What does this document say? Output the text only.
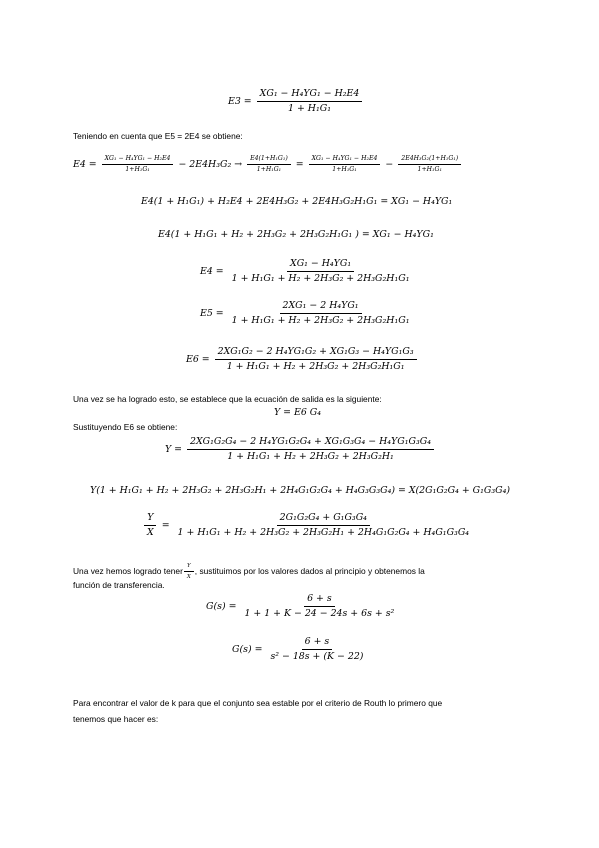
$E3 = \frac{\text{XG₁ − H₄YG₁ − H₂E4}}{\text{1 + H₁G₁}}$
Teniendo en cuenta que E5 = 2E4 se obtiene:
$E4 = \frac{\text{XG₁ − H₄YG₁ − H₂E4}}{\text{1+H₁G₁}} - 2E4H_3G_2 \to \frac{\text{E4(1+H₁G₁)}}{\text{1+H₁G₁}} = \frac{\text{XG₁ − H₄YG₁ − H₂E4}}{\text{1+H₁G₁}} - \frac{\text{2E4H₃G₂(1+H₁G₁)}}{\text{1+H₁G₁}}$
E4(1 + H₁G₁) + H₂E4 + 2E4H₃G₂ + 2E4H₃G₂H₁G₁ = XG₁ − H₄YG₁
E4(1 + H₁G₁ + H₂ + 2H₃G₂ + 2H₃G₂H₁G₁ ) = XG₁ − H₄YG₁
$E4 = \frac{\text{XG₁ − H₄YG₁}}{\text{1 + H₁G₁ + H₂ + 2H₃G₂ + 2H₃G₂H₁G₁}}$
$E5 = \frac{\text{2XG₁ − 2 H₄YG₁}}{\text{1 + H₁G₁ + H₂ + 2H₃G₂ + 2H₃G₂H₁G₁}}$
$E6 = \frac{\text{2XG₁G₂ − 2 H₄YG₁G₂ + XG₁G₃ − H₄YG₁G₃}}{\text{1 + H₁G₁ + H₂ + 2H₃G₂ + 2H₃G₂H₁G₁}}$
Una vez se ha logrado esto, se establece que la ecuación de salida es la siguiente:
Y = E6 G₄
Sustituyendo E6 se obtiene:
$Y = \frac{\text{2XG₁G₂G₄ − 2 H₄YG₁G₂G₄ + XG₁G₃G₄ − H₄YG₁G₃G₄}}{\text{1 + H₁G₁ + H₂ + 2H₃G₂ + 2H₃G₂H₁}}$
Y(1 + H₁G₁ + H₂ + 2H₃G₂ + 2H₃G₂H₁ + 2H₄G₁G₂G₄ + H₄G₃G₃G₄) = X(2G₁G₂G₄ + G₁G₃G₄)
$\frac{Y}{X} = \frac{\text{2G₁G₂G₄ + G₁G₃G₄}}{\text{1 + H₁G₁ + H₂ + 2H₃G₂ + 2H₃G₂H₁ + 2H₄G₁G₂G₄ + H₄G₁G₃G₄}}$
Una vez hemos logrado tener $\frac{Y}{X}$ , sustituimos por los valores dados al principio y obtenemos la
función de transferencia.
$G(s) = \frac{6 + s}{\text{1 + 1 + K − 24 − 24s + 6s + s²}}$
$G(s) = \frac{6 + s}{\text{s² − 18s + (K − 22)}}$
Para encontrar el valor de k para que el conjunto sea estable por el criterio de Routh lo primero que
tenemos que hacer es:
